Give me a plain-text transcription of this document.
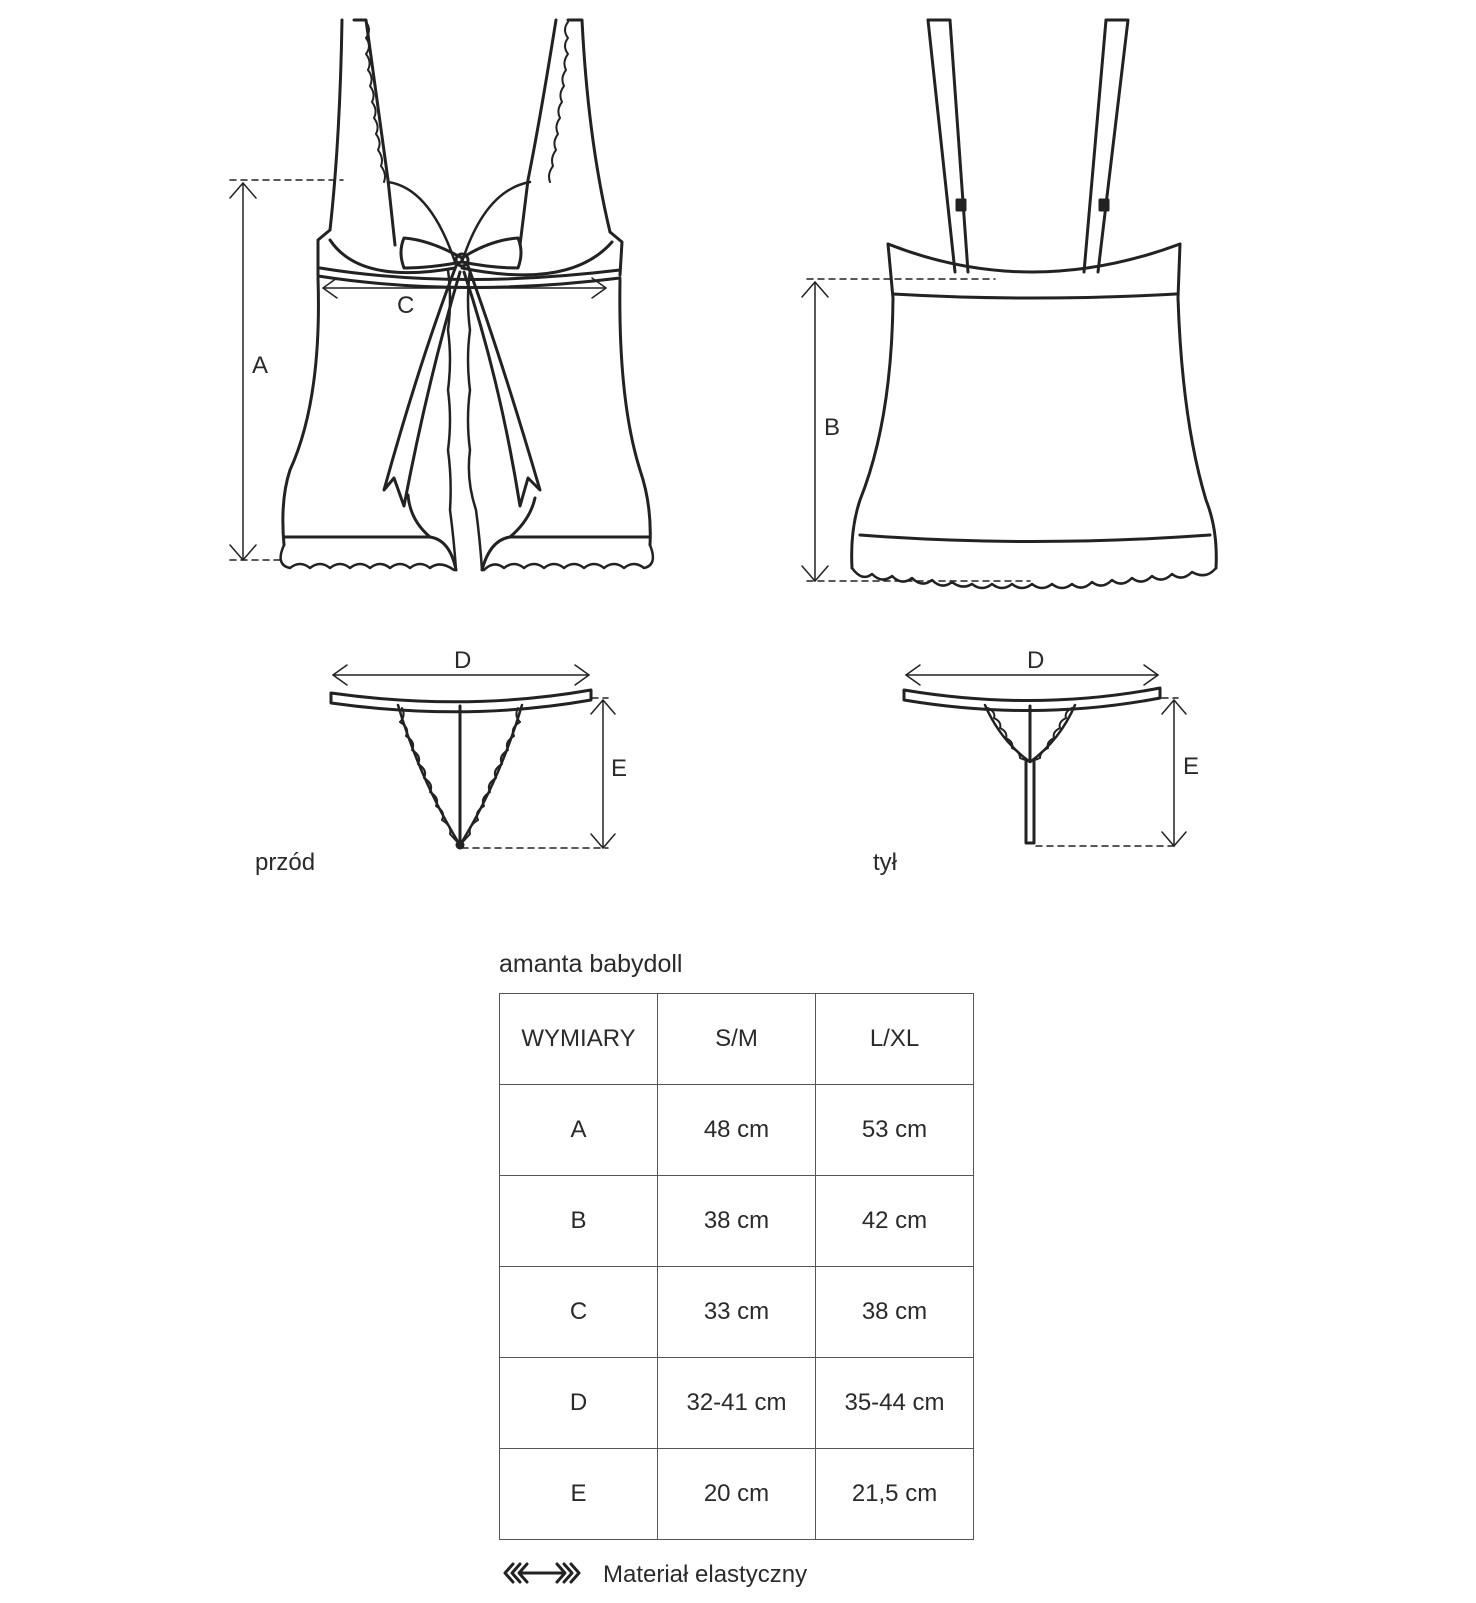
A
C
B
D	D
E	E
przód	tył
amanta babydoll
WYMIARY	S/M	L/XL
A	48 cm	53 cm
B	38 cm	42 cm
C	33 cm	38 cm
D	32-41 cm	35-44 cm
E	20 cm	21,5 cm
Materiał elastyczny
